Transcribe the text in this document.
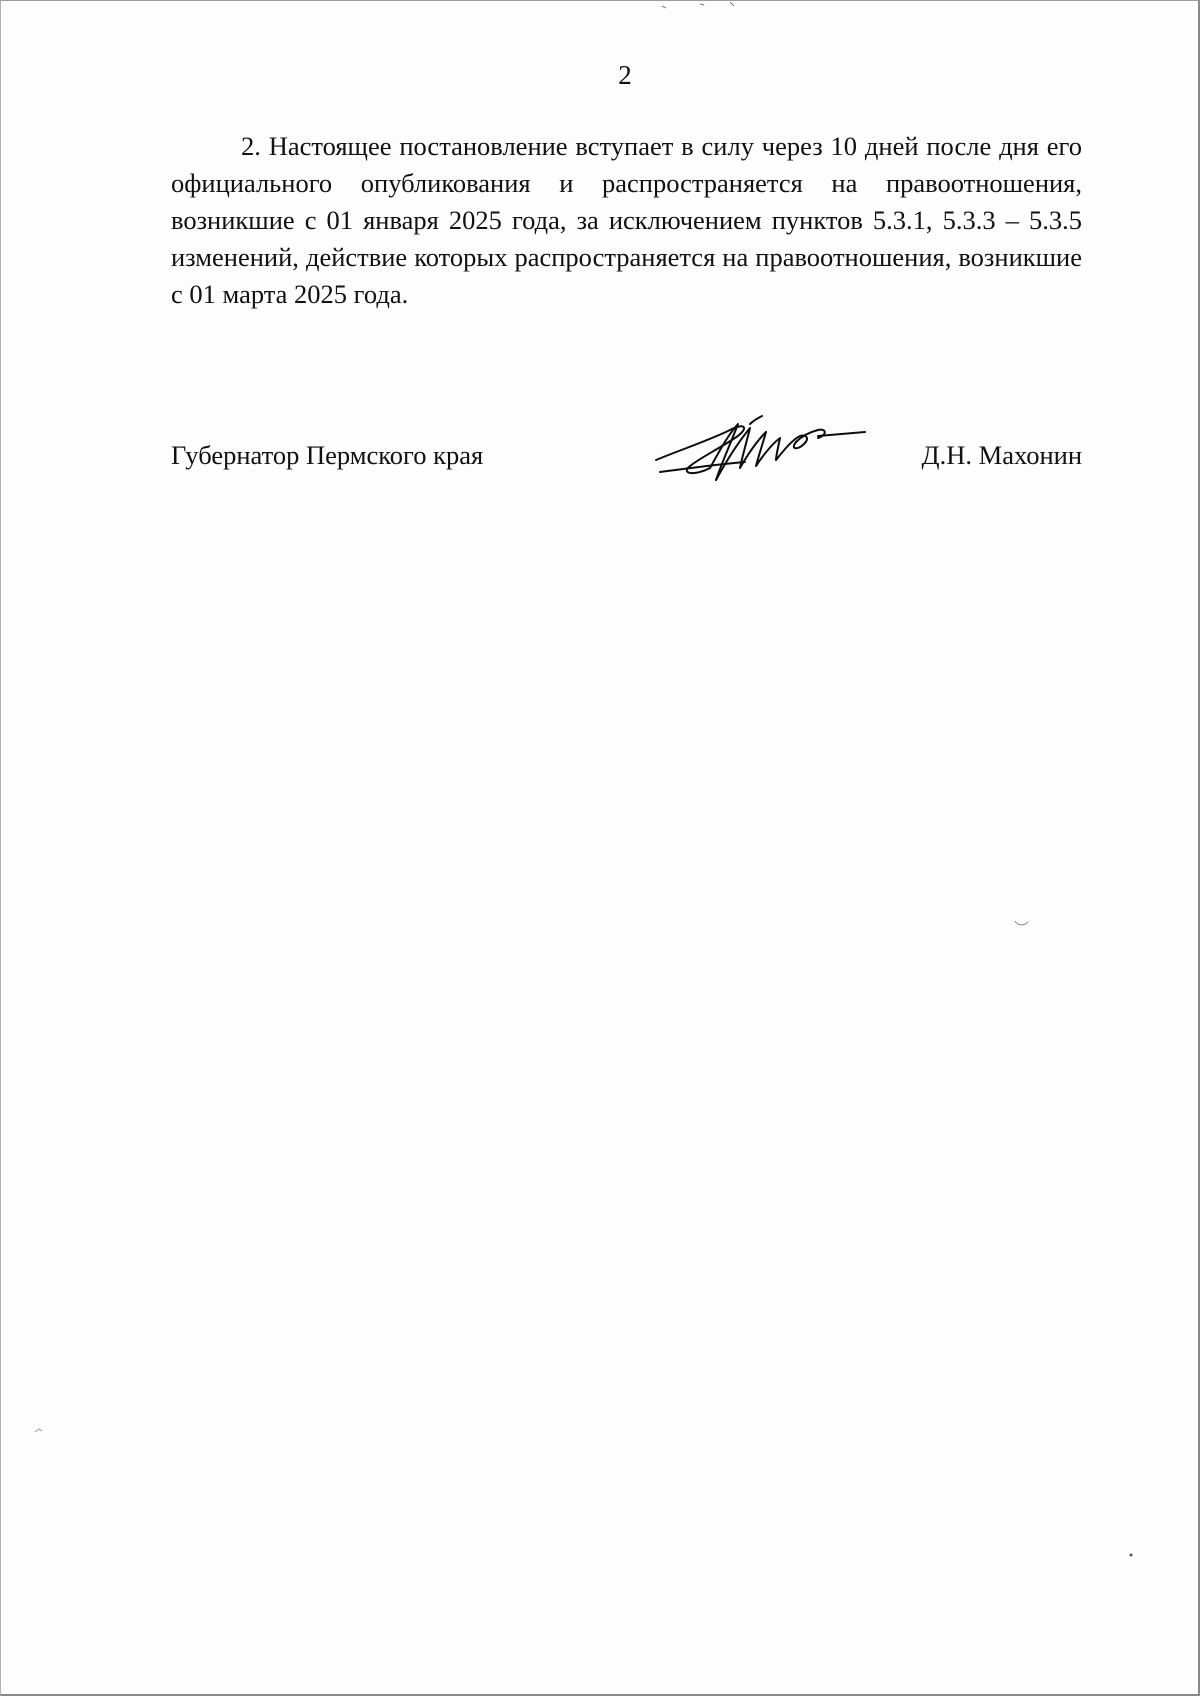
2

2. Настоящее постановление вступает в силу через 10 дней после дня его официального опубликования и распространяется на правоотношения, возникшие с 01 января 2025 года, за исключением пунктов 5.3.1, 5.3.3 – 5.3.5 изменений, действие которых распространяется на правоотношения, возникшие с 01 марта 2025 года.

Губернатор Пермского края	Д.Н. Махонин
